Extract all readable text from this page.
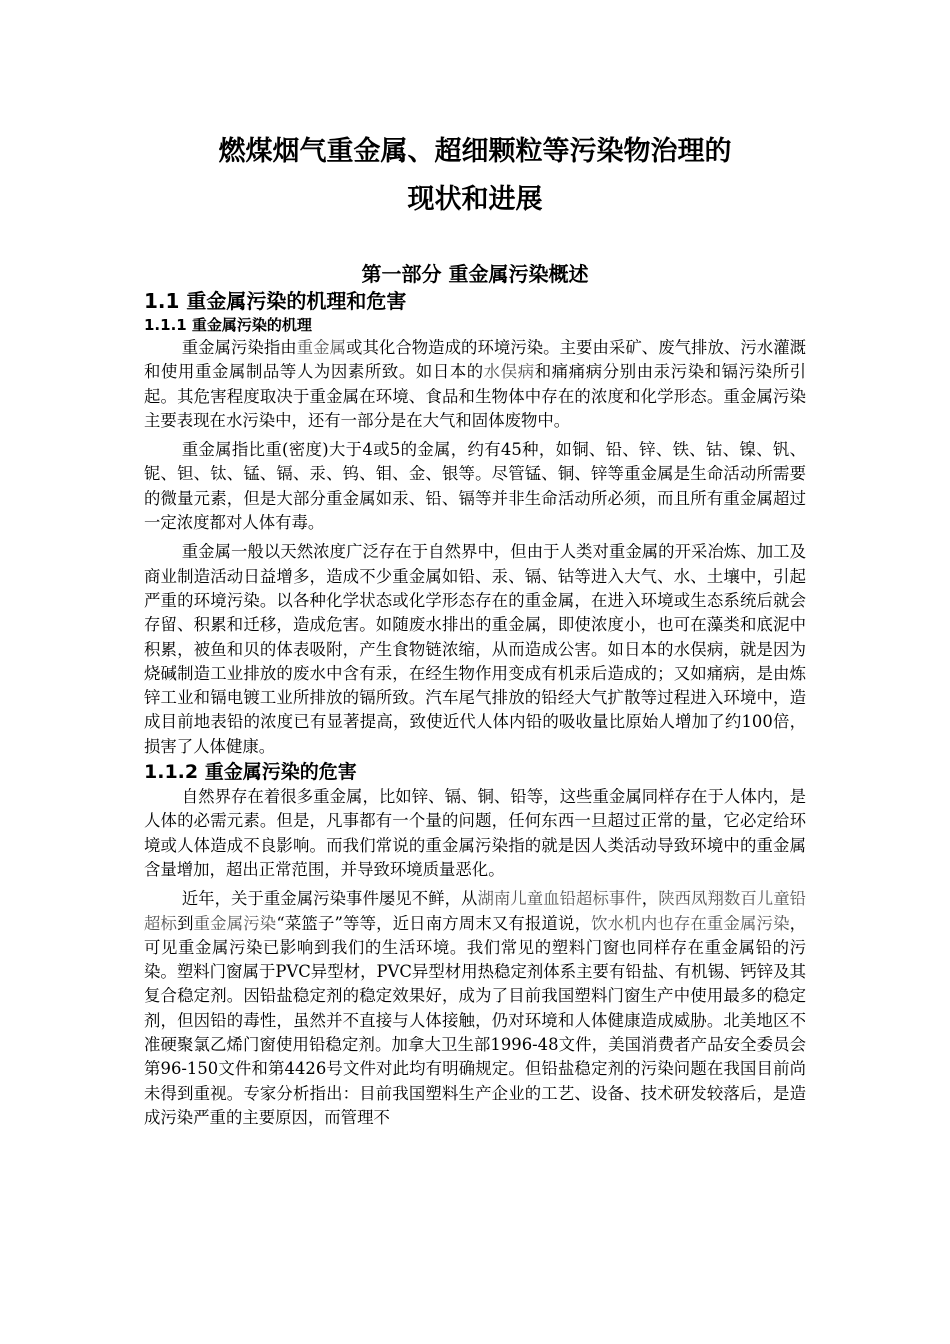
燃煤烟气重金属、超细颗粒等污染物治理的
现状和进展
第一部分 重金属污染概述
1.1 重金属污染的机理和危害
1.1.1 重金属污染的机理

重金属污染指由重金属或其化合物造成的环境污染。主要由采矿、废气排放、污水灌溉和使用重金属制品等人为因素所致。如日本的水俣病和痛痛病分别由汞污染和镉污染所引起。其危害程度取决于重金属在环境、食品和生物体中存在的浓度和化学形态。重金属污染主要表现在水污染中，还有一部分是在大气和固体废物中。

重金属指比重(密度)大于4或5的金属，约有45种，如铜、铅、锌、铁、钴、镍、钒、铌、钽、钛、锰、镉、汞、钨、钼、金、银等。尽管锰、铜、锌等重金属是生命活动所需要的微量元素，但是大部分重金属如汞、铅、镉等并非生命活动所必须，而且所有重金属超过一定浓度都对人体有毒。

重金属一般以天然浓度广泛存在于自然界中，但由于人类对重金属的开采冶炼、加工及商业制造活动日益增多，造成不少重金属如铅、汞、镉、钴等进入大气、水、土壤中，引起严重的环境污染。以各种化学状态或化学形态存在的重金属，在进入环境或生态系统后就会存留、积累和迁移，造成危害。如随废水排出的重金属，即使浓度小，也可在藻类和底泥中积累，被鱼和贝的体表吸附，产生食物链浓缩，从而造成公害。如日本的水俣病，就是因为烧碱制造工业排放的废水中含有汞，在经生物作用变成有机汞后造成的；又如痛病，是由炼锌工业和镉电镀工业所排放的镉所致。汽车尾气排放的铅经大气扩散等过程进入环境中，造成目前地表铅的浓度已有显著提高，致使近代人体内铅的吸收量比原始人增加了约100倍，损害了人体健康。

1.1.2 重金属污染的危害

自然界存在着很多重金属，比如锌、镉、铜、铅等，这些重金属同样存在于人体内，是人体的必需元素。但是，凡事都有一个量的问题，任何东西一旦超过正常的量，它必定给环境或人体造成不良影响。而我们常说的重金属污染指的就是因人类活动导致环境中的重金属含量增加，超出正常范围，并导致环境质量恶化。

近年，关于重金属污染事件屡见不鲜，从湖南儿童血铅超标事件，陕西凤翔数百儿童铅超标到重金属污染“菜篮子”等等，近日南方周末又有报道说，饮水机内也存在重金属污染，可见重金属污染已影响到我们的生活环境。我们常见的塑料门窗也同样存在重金属铅的污染。塑料门窗属于PVC异型材，PVC异型材用热稳定剂体系主要有铅盐、有机锡、钙锌及其复合稳定剂。因铅盐稳定剂的稳定效果好，成为了目前我国塑料门窗生产中使用最多的稳定剂，但因铅的毒性，虽然并不直接与人体接触，仍对环境和人体健康造成威胁。北美地区不准硬聚氯乙烯门窗使用铅稳定剂。加拿大卫生部1996-48文件，美国消费者产品安全委员会第96-150文件和第4426号文件对此均有明确规定。但铅盐稳定剂的污染问题在我国目前尚未得到重视。专家分析指出：目前我国塑料生产企业的工艺、设备、技术研发较落后，是造成污染严重的主要原因，而管理不
